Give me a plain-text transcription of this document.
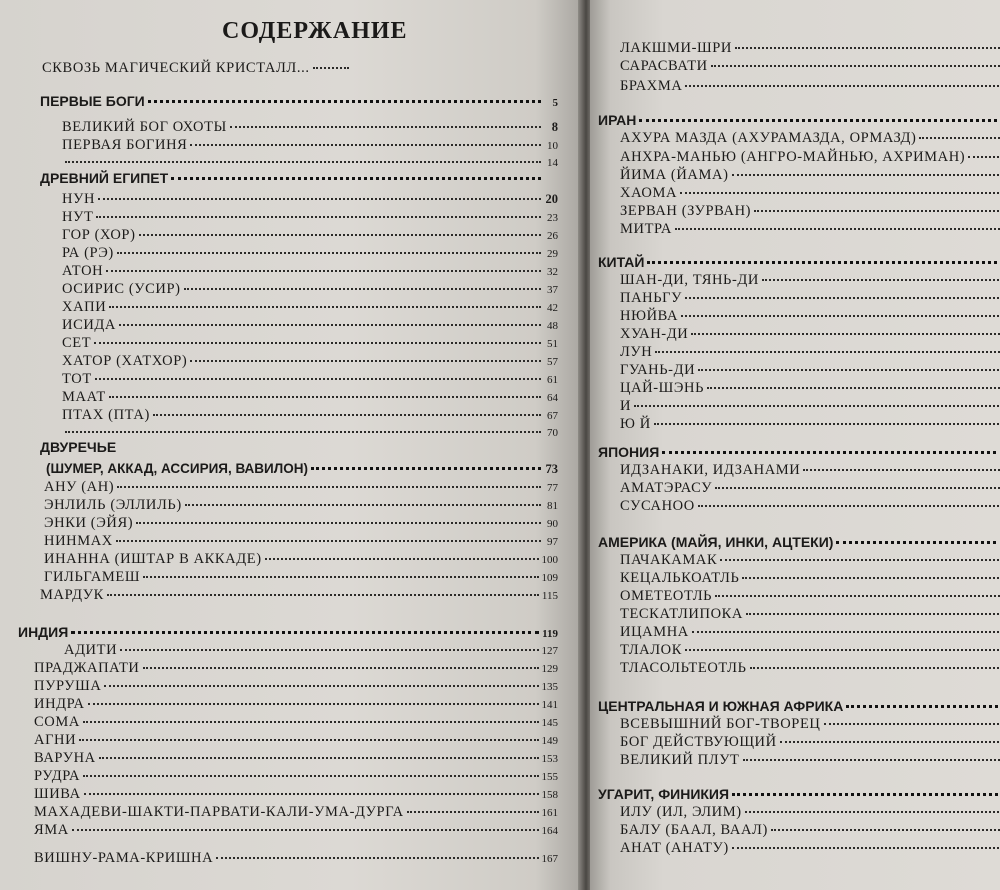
СОДЕРЖАНИЕ
СКВОЗЬ МАГИЧЕСКИЙ КРИСТАЛЛ...
ПЕРВЫЕ БОГИ	5
ВЕЛИКИЙ БОГ ОХОТЫ	8
ПЕРВАЯ БОГИНЯ	10
14
ДРЕВНИЙ ЕГИПЕТ
НУН	20
НУТ	23
ГОР (ХОР)	26
РА (РЭ)	29
АТОН	32
ОСИРИС (УСИР)	37
ХАПИ	42
ИСИДА	48
СЕТ	51
ХАТОР (ХАТХОР)	57
ТОТ	61
МААТ	64
ПТАХ (ПТА)	67
70
ДВУРЕЧЬЕ
(ШУМЕР, АККАД, АССИРИЯ, ВАВИЛОН)	73
АНУ (АН)	77
ЭНЛИЛЬ (ЭЛЛИЛЬ)	81
ЭНКИ (ЭЙЯ)	90
НИНМАХ	97
ИНАННА (ИШТАР В АККАДЕ)	100
ГИЛЬГАМЕШ	109
МАРДУК	115
ИНДИЯ	119
АДИТИ	127
ПРАДЖАПАТИ	129
ПУРУША	135
ИНДРА	141
СОМА	145
АГНИ	149
ВАРУНА	153
РУДРА	155
ШИВА	158
МАХАДЕВИ-ШАКТИ-ПАРВАТИ-КАЛИ-УМА-ДУРГА	161
ЯМА	164
ВИШНУ-РАМА-КРИШНА	167
ЛАКШМИ-ШРИ
САРАСВАТИ
БРАХМА
ИРАН
АХУРА МАЗДА (АХУРАМАЗДА, ОРМАЗД)
АНХРА-МАНЬЮ (АНГРО-МАЙНЬЮ, АХРИМАН)
ЙИМА (ЙАМА)
ХАОМА
ЗЕРВАН (ЗУРВАН)
МИТРА
КИТАЙ
ШАН-ДИ, ТЯНЬ-ДИ
ПАНЬГУ
НЮЙВА
ХУАН-ДИ
ЛУН
ГУАНЬ-ДИ
ЦАЙ-ШЭНЬ
И
Ю Й
ЯПОНИЯ
ИДЗАНАКИ, ИДЗАНАМИ
АМАТЭРАСУ
СУСАНОО
АМЕРИКА (МАЙЯ, ИНКИ, АЦТЕКИ)
ПАЧАКАМАК
КЕЦАЛЬКОАТЛЬ
ОМЕТЕОТЛЬ
ТЕСКАТЛИПОКА
ИЦАМНА
ТЛАЛОК
ТЛАСОЛЬТЕОТЛЬ
ЦЕНТРАЛЬНАЯ И ЮЖНАЯ АФРИКА
ВСЕВЫШНИЙ БОГ-ТВОРЕЦ
БОГ ДЕЙСТВУЮЩИЙ
ВЕЛИКИЙ ПЛУТ
УГАРИТ, ФИНИКИЯ
ИЛУ (ИЛ, ЭЛИМ)
БАЛУ (БААЛ, ВААЛ)
АНАТ (АНАТУ)
